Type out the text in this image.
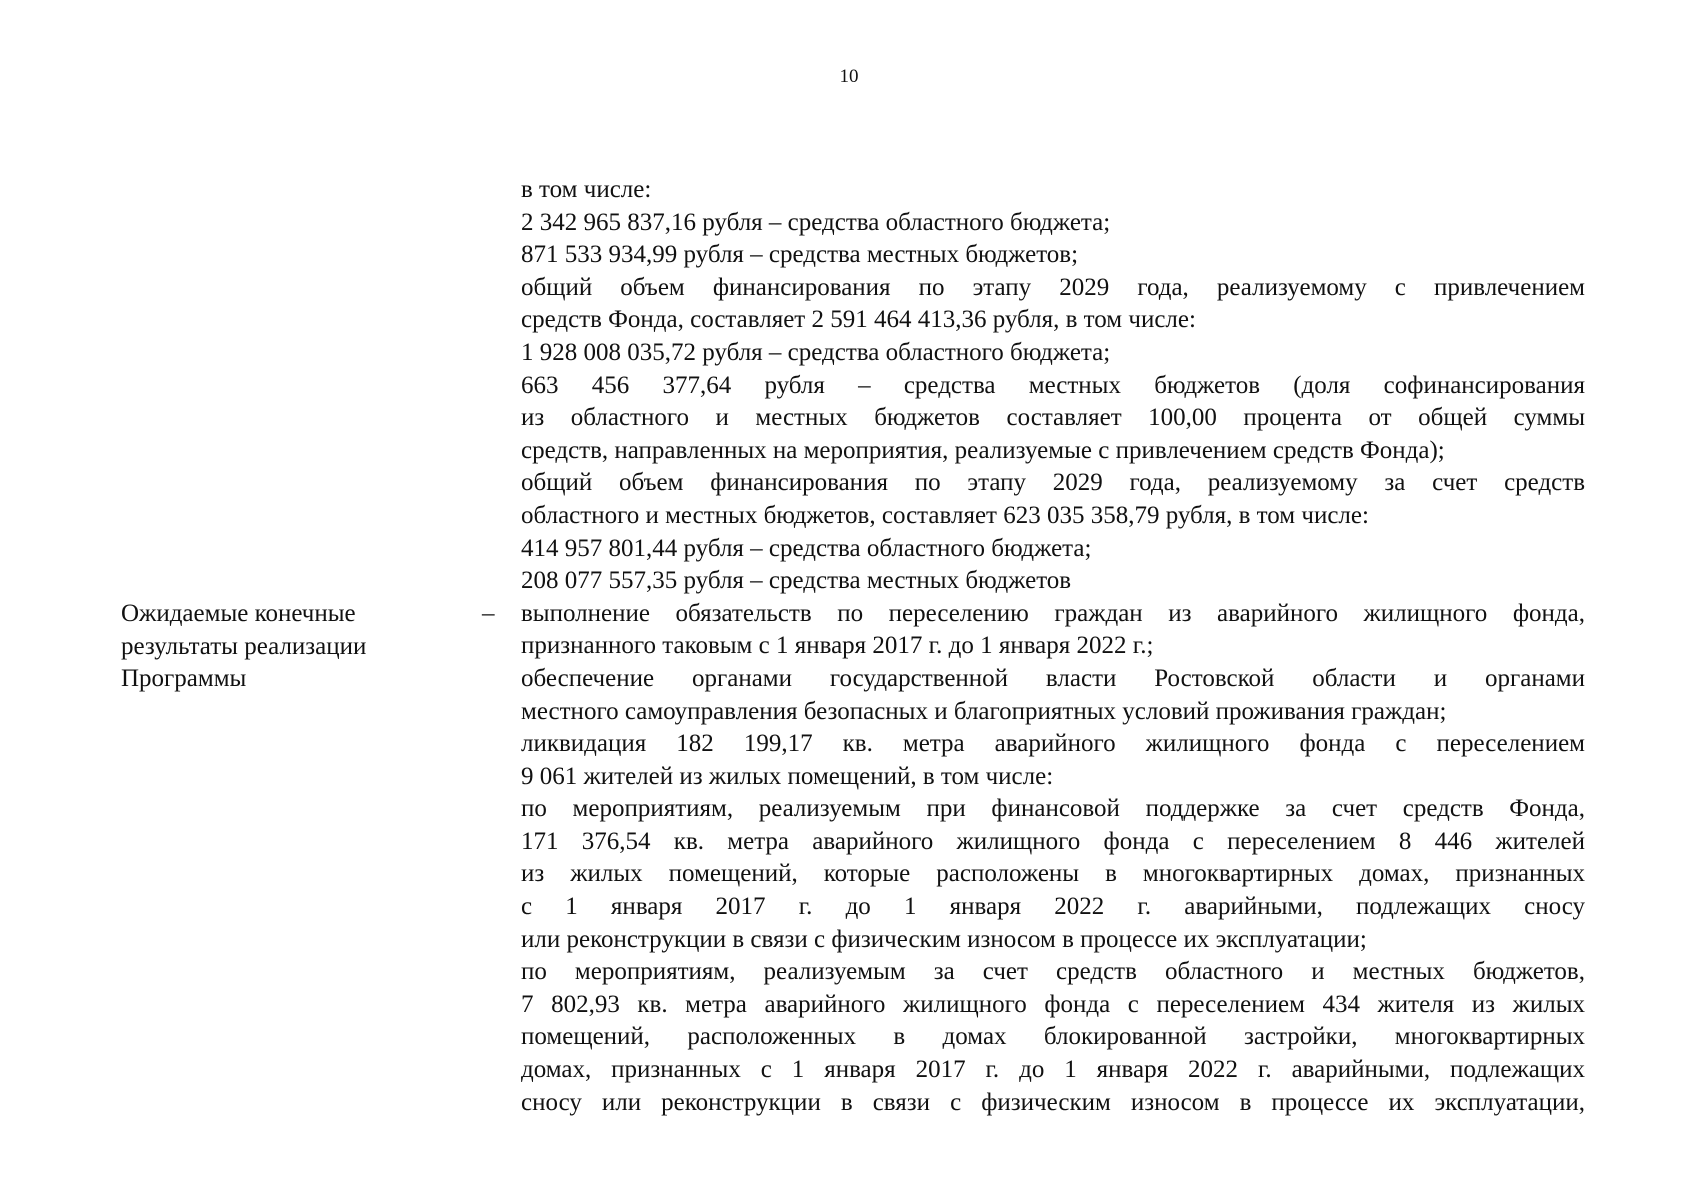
10
Ожидаемые конечные
результаты реализации
Программы
–
в том числе:
2 342 965 837,16 рубля – средства областного бюджета;
871 533 934,99 рубля – средства местных бюджетов;
общий объем финансирования по этапу 2029 года, реализуемому с привлечением
средств Фонда, составляет 2 591 464 413,36 рубля, в том числе:
1 928 008 035,72 рубля – средства областного бюджета;
663 456 377,64 рубля – средства местных бюджетов (доля софинансирования
из областного и местных бюджетов составляет 100,00 процента от общей суммы
средств, направленных на мероприятия, реализуемые с привлечением средств Фонда);
общий объем финансирования по этапу 2029 года, реализуемому за счет средств
областного и местных бюджетов, составляет 623 035 358,79 рубля, в том числе:
414 957 801,44 рубля – средства областного бюджета;
208 077 557,35 рубля – средства местных бюджетов
выполнение обязательств по переселению граждан из аварийного жилищного фонда,
признанного таковым с 1 января 2017 г. до 1 января 2022 г.;
обеспечение органами государственной власти Ростовской области и органами
местного самоуправления безопасных и благоприятных условий проживания граждан;
ликвидация 182 199,17 кв. метра аварийного жилищного фонда с переселением
9 061 жителей из жилых помещений, в том числе:
по мероприятиям, реализуемым при финансовой поддержке за счет средств Фонда,
171 376,54 кв. метра аварийного жилищного фонда с переселением 8 446 жителей
из жилых помещений, которые расположены в многоквартирных домах, признанных
с 1 января 2017 г. до 1 января 2022 г. аварийными, подлежащих сносу
или реконструкции в связи с физическим износом в процессе их эксплуатации;
по мероприятиям, реализуемым за счет средств областного и местных бюджетов,
7 802,93 кв. метра аварийного жилищного фонда с переселением 434 жителя из жилых
помещений, расположенных в домах блокированной застройки, многоквартирных
домах, признанных с 1 января 2017 г. до 1 января 2022 г. аварийными, подлежащих
сносу или реконструкции в связи с физическим износом в процессе их эксплуатации,
